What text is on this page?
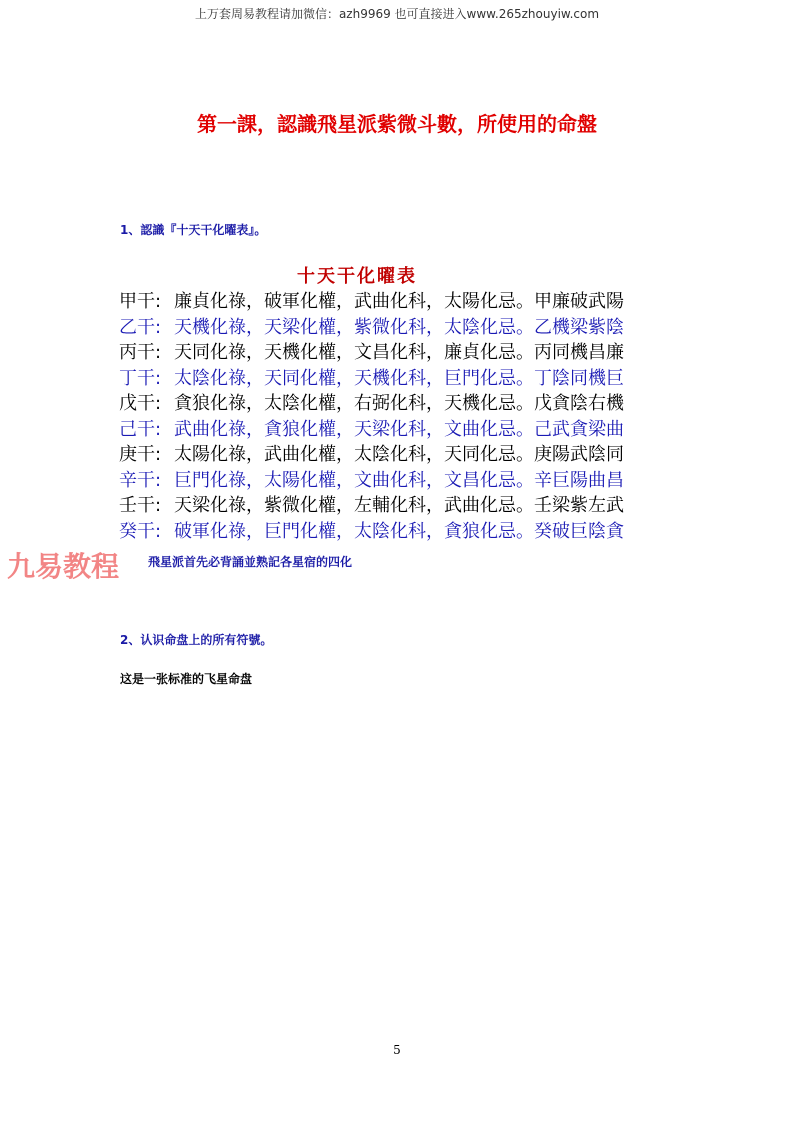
上万套周易教程请加微信：azh9969 也可直接进入www.265zhouyiw.com
第一課，認識飛星派紫微斗數，所使用的命盤
1、認識『十天干化曜表』。
十天干化曜表
甲干: 廉貞化祿，破軍化權，武曲化科，太陽化忌。甲廉破武陽
乙干: 天機化祿，天梁化權，紫微化科，太陰化忌。乙機梁紫陰
丙干: 天同化祿，天機化權，文昌化科，廉貞化忌。丙同機昌廉
丁干: 太陰化祿，天同化權，天機化科，巨門化忌。丁陰同機巨
戊干: 貪狼化祿，太陰化權，右弼化科，天機化忌。戊貪陰右機
己干: 武曲化祿，貪狼化權，天梁化科，文曲化忌。己武貪梁曲
庚干: 太陽化祿，武曲化權，太陰化科，天同化忌。庚陽武陰同
辛干: 巨門化祿，太陽化權，文曲化科，文昌化忌。辛巨陽曲昌
壬干: 天梁化祿，紫微化權，左輔化科，武曲化忌。壬梁紫左武
癸干: 破軍化祿，巨門化權，太陰化科，貪狼化忌。癸破巨陰貪
飛星派首先必背誦並熟記各星宿的四化
九易教程
2、认识命盘上的所有符號。
这是一张标准的飞星命盘
5
